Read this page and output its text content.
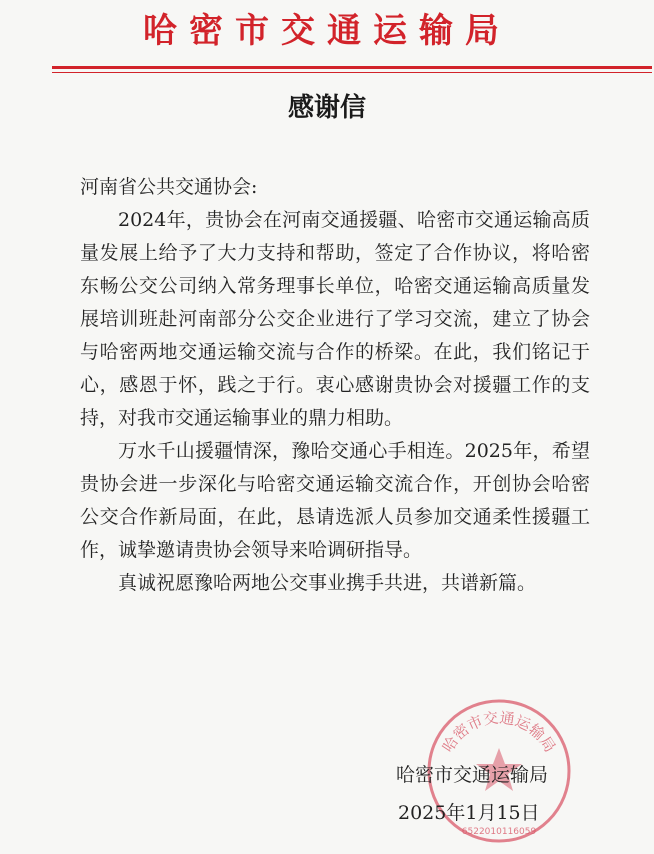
哈密市交通运输局
感谢信

河南省公共交通协会:

2024年，贵协会在河南交通援疆、哈密市交通运输高质量发展上给予了大力支持和帮助，签定了合作协议，将哈密东畅公交公司纳入常务理事长单位，哈密交通运输高质量发展培训班赴河南部分公交企业进行了学习交流，建立了协会与哈密两地交通运输交流与合作的桥梁。在此，我们铭记于心，感恩于怀，践之于行。衷心感谢贵协会对援疆工作的支持，对我市交通运输事业的鼎力相助。

万水千山援疆情深，豫哈交通心手相连。2025年，希望贵协会进一步深化与哈密交通运输交流合作，开创协会哈密公交合作新局面，在此，恳请选派人员参加交通柔性援疆工作，诚挚邀请贵协会领导来哈调研指导。

真诚祝愿豫哈两地公交事业携手共进，共谱新篇。

哈密市交通运输局
6522010116059
哈密市交通运输局
2025年1月15日
